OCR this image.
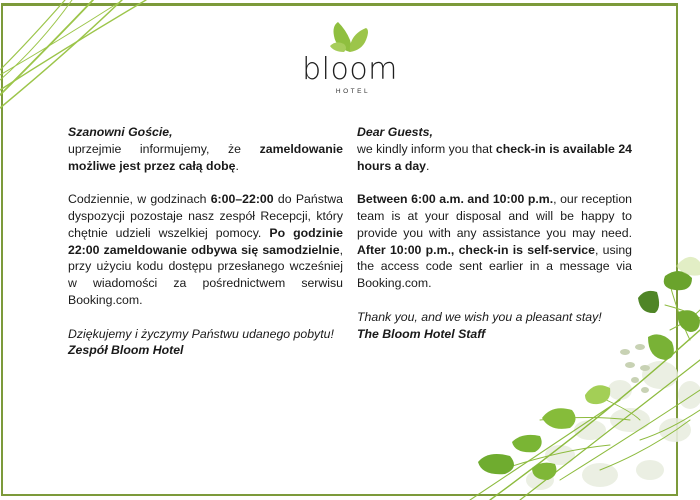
bloom
HOTEL

Szanowni Goście,
uprzejmie informujemy, że zameldowanie możliwe jest przez całą dobę.

Codziennie, w godzinach 6:00–22:00 do Państwa dyspozycji pozostaje nasz zespół Recepcji, który chętnie udzieli wszelkiej pomocy. Po godzinie 22:00 zameldowanie odbywa się samodzielnie, przy użyciu kodu dostępu przesłanego wcześniej w wiadomości za pośrednictwem serwisu Booking.com.

Dziękujemy i życzymy Państwu udanego pobytu!
Zespół Bloom Hotel

Dear Guests,
we kindly inform you that check-in is available 24 hours a day.

Between 6:00 a.m. and 10:00 p.m., our reception team is at your disposal and will be happy to provide you with any assistance you may need. After 10:00 p.m., check-in is self-service, using the access code sent earlier in a message via Booking.com.

Thank you, and we wish you a pleasant stay!
The Bloom Hotel Staff
